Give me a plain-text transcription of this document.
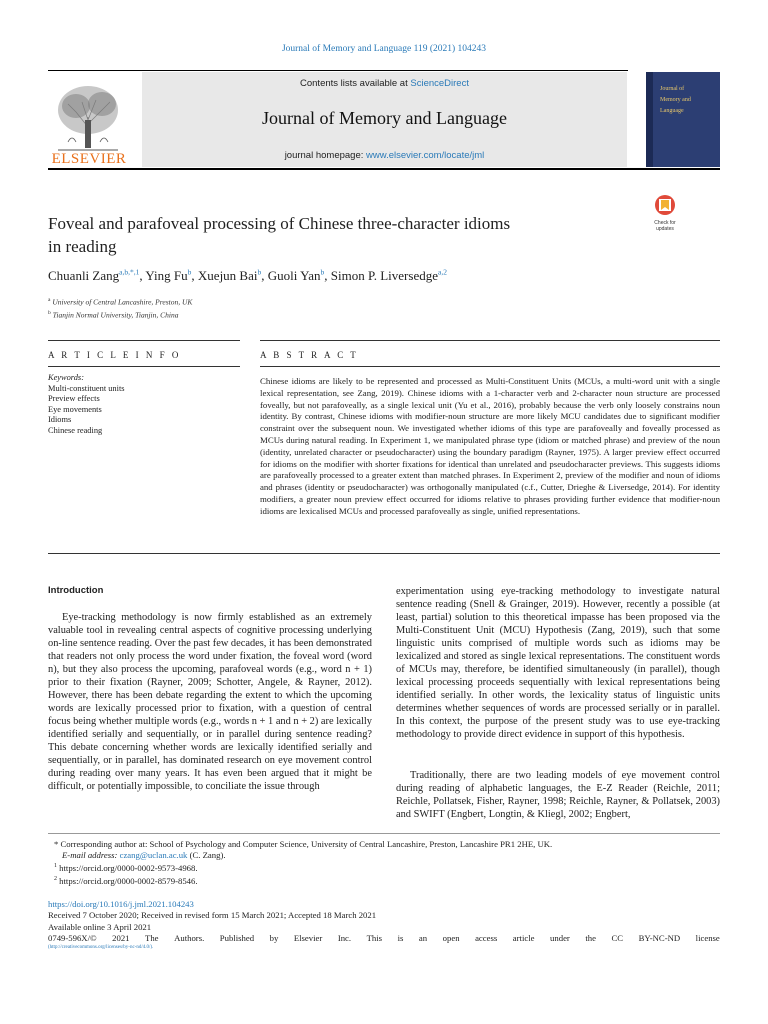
Journal of Memory and Language 119 (2021) 104243
ELSEVIER
Contents lists available at ScienceDirect
Journal of Memory and Language
journal homepage: www.elsevier.com/locate/jml
Journal of
Memory and
Language
Check for
updates
Foveal and parafoveal processing of Chinese three-character idioms
in reading
Chuanli Zang$^{a,b,*,1}$, Ying Fu$^b$, Xuejun Bai$^b$, Guoli Yan$^b$, Simon P. Liversedge$^{a,2}$
$^a$ University of Central Lancashire, Preston, UK
$^b$ Tianjin Normal University, Tianjin, China
A R T I C L E I N F O	A B S T R A C T
Keywords:
Multi-constituent units
Preview effects
Eye movements
Idioms
Chinese reading
Chinese idioms are likely to be represented and processed as Multi-Constituent Units (MCUs, a multi-word unit with a single lexical representation, see Zang, 2019). Chinese idioms with a 1-character verb and 2-character noun structure are processed foveally, but not parafoveally, as a single lexical unit (Yu et al., 2016), probably because the verb only loosely constrains noun identity. By contrast, Chinese idioms with modifier-noun structure are more likely MCU candidates due to significant modifier constraint over the subsequent noun. We investigated whether idioms of this type are parafoveally and foveally processed as MCUs during natural reading. In Experiment 1, we manipulated phrase type (idiom or matched phrase) and preview of the noun (identity, unrelated character or pseudocharacter) using the boundary paradigm (Rayner, 1975). A larger preview effect occurred for idioms on the modifier with shorter fixations for identical than unrelated and pseudocharacter previews. This suggests idioms are parafoveally processed to a greater extent than matched phrases. In Experiment 2, preview of the modifier and noun of idioms and phrases (identity or pseudocharacter) was orthogonally manipulated (c.f., Cutter, Drieghe & Liversedge, 2014). For identity modifiers, a greater noun preview effect occurred for idioms relative to phrases providing further evidence that modifier-noun idioms are lexicalised MCUs and processed parafoveally as single, unified representations.
Introduction
Eye-tracking methodology is now firmly established as an extremely valuable tool in revealing central aspects of cognitive processing underlying on-line sentence reading. Over the past few decades, it has been demonstrated that readers not only process the word under fixation, the foveal word (word n), but they also process the upcoming, parafoveal words (e.g., word n + 1) prior to their fixation (Rayner, 2009; Schotter, Angele, & Rayner, 2012). However, there has been debate regarding the extent to which the upcoming words are lexically processed prior to fixation, with a question of central focus being whether multiple words (e.g., words n + 1 and n + 2) are lexically identified serially and sequentially, or in parallel during sentence reading? This debate concerning whether words are lexically identified serially and sequentially, or in parallel, has dominated research on eye movement control during reading over many years. It has even been argued that it might be difficult, or potentially impossible, to conciliate the issue through
experimentation using eye-tracking methodology to investigate natural sentence reading (Snell & Grainger, 2019). However, recently a possible (at least, partial) solution to this theoretical impasse has been proposed via the Multi-Constituent Unit (MCU) Hypothesis (Zang, 2019), such that some linguistic units comprised of multiple words such as idioms may be lexicalized and stored as single lexical representations. The constituent words of MCUs may, therefore, be identified simultaneously (in parallel), though lexical processing proceeds sequentially with lexical representations being identified serially. In other words, the lexicality status of linguistic units determines whether sequences of words are processed serially or in parallel. In this context, the purpose of the present study was to use eye-tracking methodology to provide direct evidence in support of this hypothesis.
Traditionally, there are two leading models of eye movement control during reading of alphabetic languages, the E-Z Reader (Reichle, 2011; Reichle, Pollatsek, Fisher, Rayner, 1998; Reichle, Rayner, & Pollatsek, 2003) and SWIFT (Engbert, Longtin, & Kliegl, 2002; Engbert,
* Corresponding author at: School of Psychology and Computer Science, University of Central Lancashire, Preston, Lancashire PR1 2HE, UK.
E-mail address: czang@uclan.ac.uk (C. Zang).
$^1$ https://orcid.org/0000-0002-9573-4968.
$^2$ https://orcid.org/0000-0002-8579-8546.
https://doi.org/10.1016/j.jml.2021.104243
Received 7 October 2020; Received in revised form 15 March 2021; Accepted 18 March 2021
Available online 3 April 2021
0749-596X/© 2021 The Authors. Published by Elsevier Inc. This is an open access article under the CC BY-NC-ND license
(http://creativecommons.org/licenses/by-nc-nd/4.0/).
